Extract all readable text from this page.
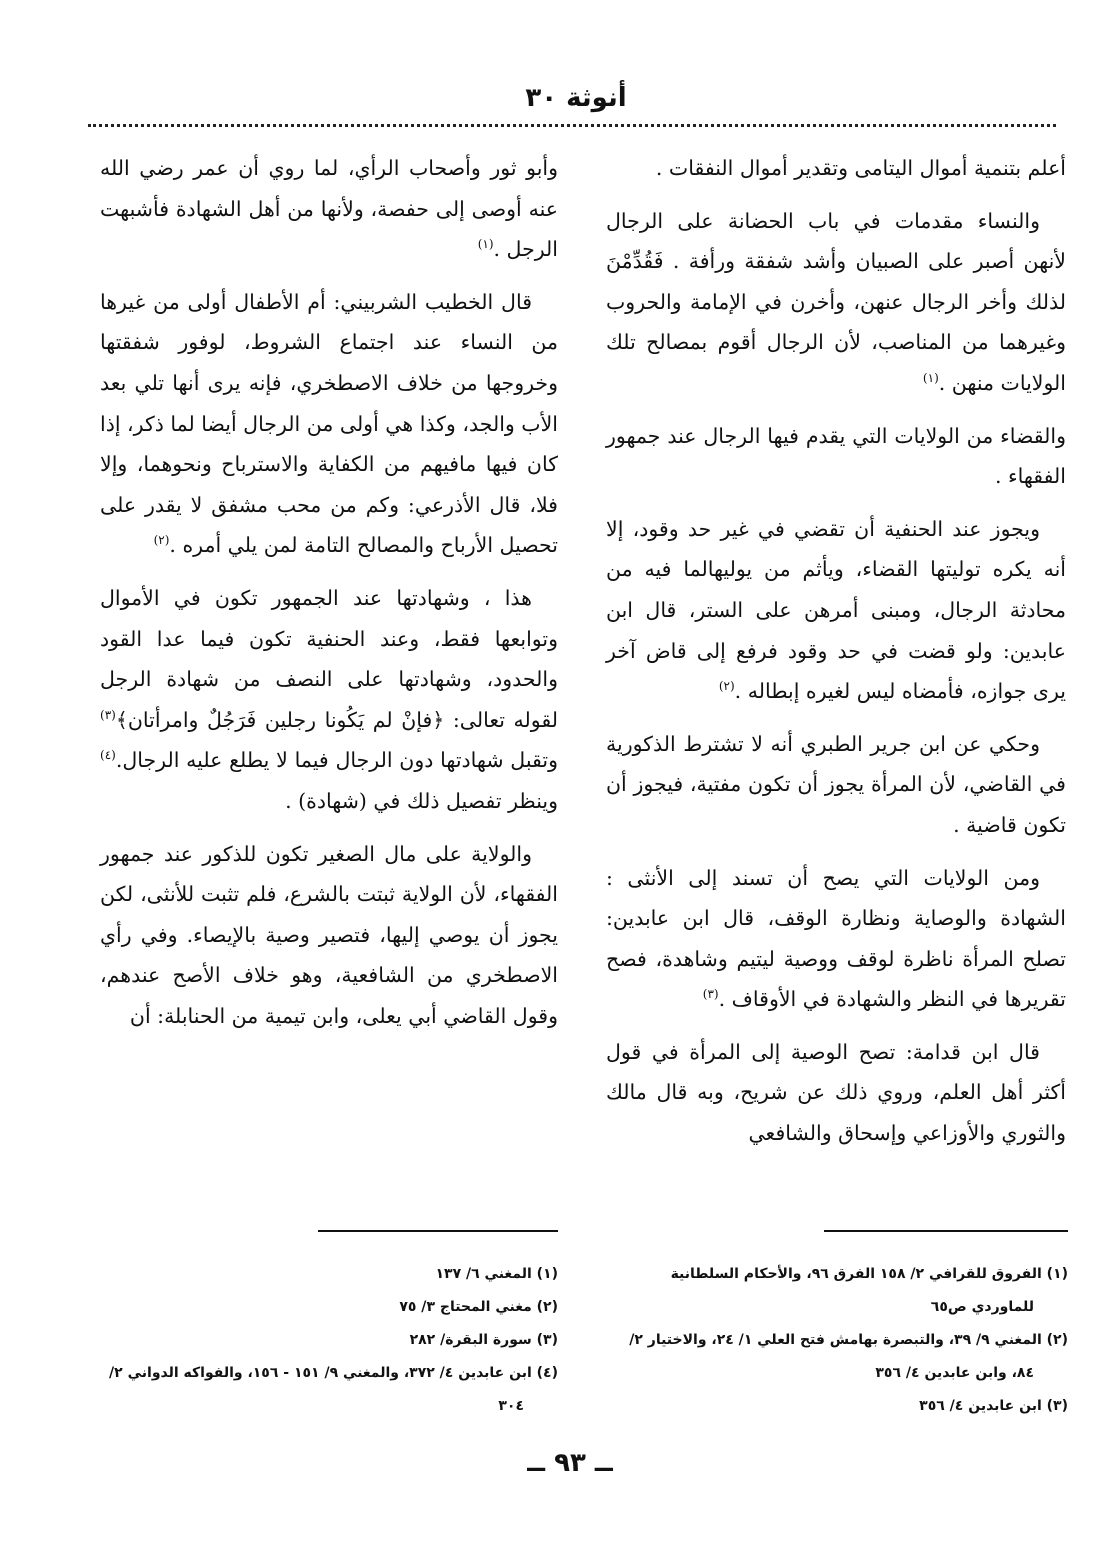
أنوثة ٣٠

أعلم بتنمية أموال اليتامى وتقدير أموال النفقات .

والنساء مقدمات في باب الحضانة على الرجال لأنهن أصبر على الصبيان وأشد شفقة ورأفة . فَقُدِّمْنَ لذلك وأخر الرجال عنهن، وأخرن في الإمامة والحروب وغيرهما من المناصب، لأن الرجال أقوم بمصالح تلك الولايات منهن .$^{(١)}$

والقضاء من الولايات التي يقدم فيها الرجال عند جمهور الفقهاء .

ويجوز عند الحنفية أن تقضي في غير حد وقود، إلا أنه يكره توليتها القضاء، ويأثم من يوليهالما فيه من محادثة الرجال، ومبنى أمرهن على الستر، قال ابن عابدين: ولو قضت في حد وقود فرفع إلى قاض آخر يرى جوازه، فأمضاه ليس لغيره إبطاله .$^{(٢)}$

وحكي عن ابن جرير الطبري أنه لا تشترط الذكورية في القاضي، لأن المرأة يجوز أن تكون مفتية، فيجوز أن تكون قاضية .

ومن الولايات التي يصح أن تسند إلى الأنثى : الشهادة والوصاية ونظارة الوقف، قال ابن عابدين: تصلح المرأة ناظرة لوقف ووصية ليتيم وشاهدة، فصح تقريرها في النظر والشهادة في الأوقاف .$^{(٣)}$

قال ابن قدامة: تصح الوصية إلى المرأة في قول أكثر أهل العلم، وروي ذلك عن شريح، وبه قال مالك والثوري والأوزاعي وإسحاق والشافعي

وأبو ثور وأصحاب الرأي، لما روي أن عمر رضي الله عنه أوصى إلى حفصة، ولأنها من أهل الشهادة فأشبهت الرجل .$^{(١)}$

قال الخطيب الشربيني: أم الأطفال أولى من غيرها من النساء عند اجتماع الشروط، لوفور شفقتها وخروجها من خلاف الاصطخري، فإنه يرى أنها تلي بعد الأب والجد، وكذا هي أولى من الرجال أيضا لما ذكر، إذا كان فيها مافيهم من الكفاية والاسترباح ونحوهما، وإلا فلا، قال الأذرعي: وكم من محب مشفق لا يقدر على تحصيل الأرباح والمصالح التامة لمن يلي أمره .$^{(٢)}$

هذا ، وشهادتها عند الجمهور تكون في الأموال وتوابعها فقط، وعند الحنفية تكون فيما عدا القود والحدود، وشهادتها على النصف من شهادة الرجل لقوله تعالى: ﴿فإنْ لم يَكُونا رجلين فَرَجُلٌ وامرأتان﴾$^{(٣)}$ وتقبل شهادتها دون الرجال فيما لا يطلع عليه الرجال.$^{(٤)}$ وينظر تفصيل ذلك في (شهادة) .

والولاية على مال الصغير تكون للذكور عند جمهور الفقهاء، لأن الولاية ثبتت بالشرع، فلم تثبت للأنثى، لكن يجوز أن يوصي إليها، فتصير وصية بالإيصاء. وفي رأي الاصطخري من الشافعية، وهو خلاف الأصح عندهم، وقول القاضي أبي يعلى، وابن تيمية من الحنابلة: أن

(١) الفروق للقرافي ٢/ ١٥٨ الفرق ٩٦، والأحكام السلطانية للماوردي ص٦٥
(٢) المغني ٩/ ٣٩، والتبصرة بهامش فتح العلي ١/ ٢٤، والاختيار ٢/ ٨٤، وابن عابدين ٤/ ٣٥٦
(٣) ابن عابدين ٤/ ٣٥٦
(١) المغني ٦/ ١٣٧
(٢) مغني المحتاج ٣/ ٧٥
(٣) سورة البقرة/ ٢٨٢
(٤) ابن عابدين ٤/ ٣٧٢، والمغني ٩/ ١٥١ - ١٥٦، والفواكه الدواني ٢/ ٣٠٤
ــ ٩٣ ــ
